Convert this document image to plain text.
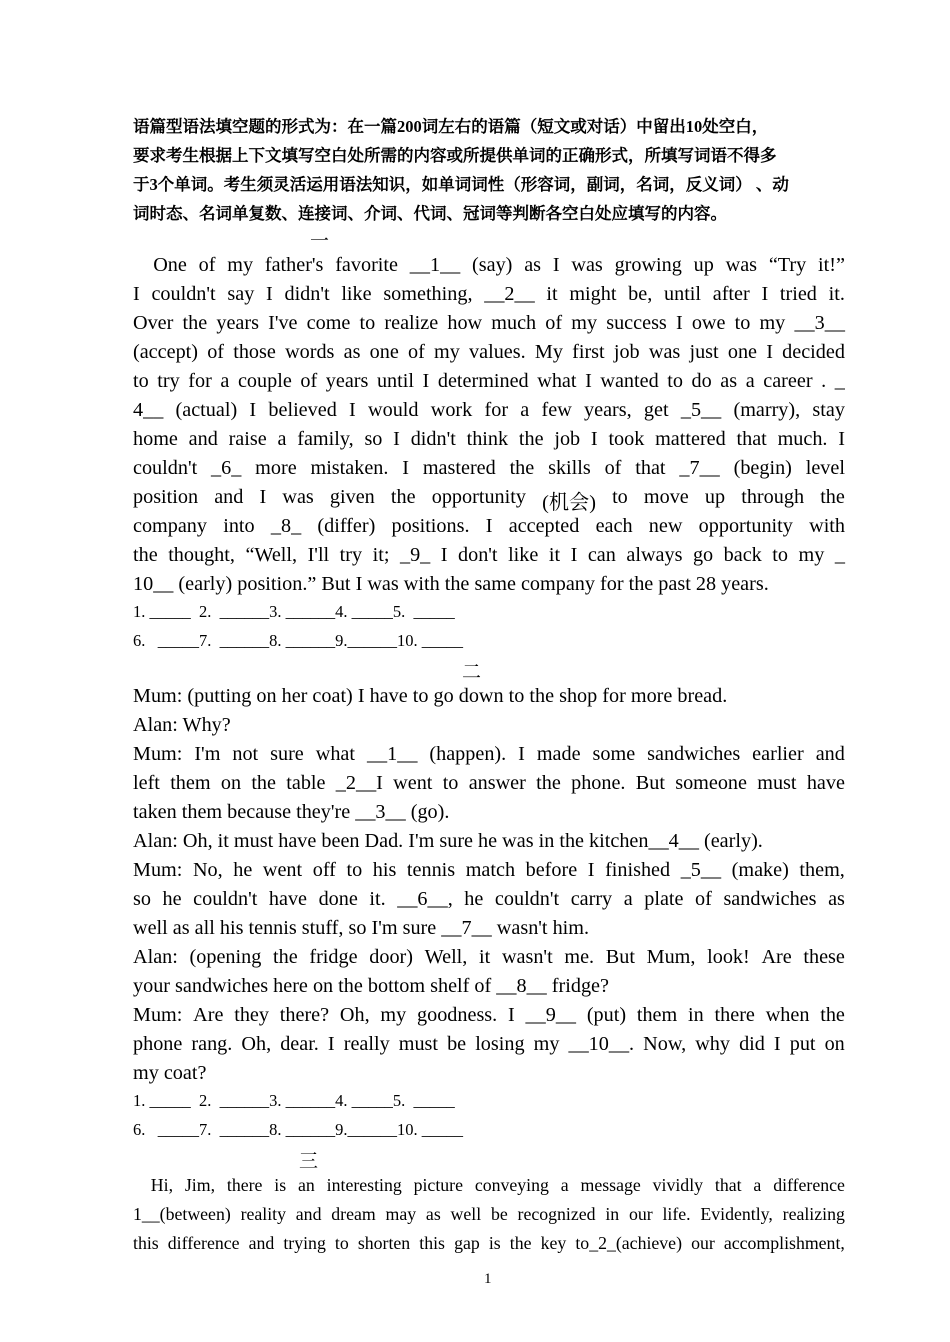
语篇型语法填空题的形式为：在一篇200词左右的语篇（短文或对话）中留出10处空白，
要求考生根据上下文填写空白处所需的内容或所提供单词的正确形式，所填写词语不得多
于3个单词。考生须灵活运用语法知识，如单词词性（形容词，副词，名词，反义词） 、动
词时态、名词单复数、连接词、介词、代词、冠词等判断各空白处应填写的内容。
一
One of my father's favorite __1__ (say) as I was growing up was “Try it!”
I couldn't say I didn't like something, __2__ it might be, until after I tried it.
Over the years I've come to realize how much of my success I owe to my __3__
(accept) of those words as one of my values. My first job was just one I decided
to try for a couple of years until I determined what I wanted to do as a career . _
4__ (actual) I believed I would work for a few years, get _5__ (marry), stay
home and raise a family, so I didn't think the job I took mattered that much. I
couldn't _6_ more mistaken. I mastered the skills of that _7__ (begin) level
position and I was given the opportunity (机会) to move up through the
company into _8_ (differ) positions. I accepted each new opportunity with
the thought, “Well, I'll try it; _9_ I don't like it I can always go back to my _
10__ (early) position.” But I was with the same company for the past 28 years.
1. _____  2.  ______3. ______4. _____5.  _____
6.   _____7.  ______8. ______9.______10. _____
二
Mum: (putting on her coat) I have to go down to the shop for more bread.
Alan: Why?
Mum: I'm not sure what __1__ (happen). I made some sandwiches earlier and
left them on the table _2__I went to answer the phone. But someone must have
taken them because they're __3__ (go).
Alan: Oh, it must have been Dad. I'm sure he was in the kitchen__4__ (early).
Mum: No, he went off to his tennis match before I finished _5__ (make) them,
so he couldn't have done it. __6__, he couldn't carry a plate of sandwiches as
well as all his tennis stuff, so I'm sure __7__ wasn't him.
Alan: (opening the fridge door) Well, it wasn't me. But Mum, look! Are these
your sandwiches here on the bottom shelf of __8__ fridge?
Mum: Are they there? Oh, my goodness. I __9__ (put) them in there when the
phone rang. Oh, dear. I really must be losing my __10__. Now, why did I put on
my coat?
1. _____  2.  ______3. ______4. _____5.  _____
6.   _____7.  ______8. ______9.______10. _____
三
Hi, Jim, there is an interesting picture conveying a message vividly that a difference
1__(between) reality and dream may as well be recognized in our life. Evidently, realizing
this difference and trying to shorten this gap is the key to_2_(achieve) our accomplishment,
1
